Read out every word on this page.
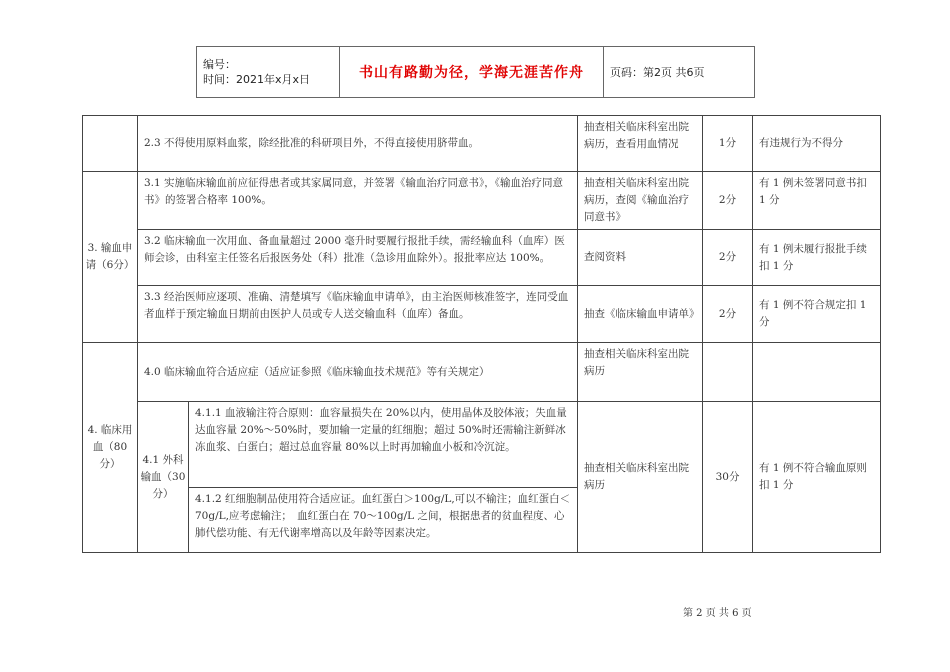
编号：
时间：2021年x月x日	书山有路勤为径，学海无涯苦作舟	页码：第2页 共6页
	2.3 不得使用原料血浆，除经批准的科研项目外，不得直接使用脐带血。		抽查相关临床科室出院病历，查看用血情况	1分	有违规行为不得分
3. 输血申请（6分）	3.1 实施临床输血前应征得患者或其家属同意，并签署《输血治疗同意书》，《输血治疗同意书》的签署合格率 100%。		抽查相关临床科室出院病历，查阅《输血治疗同意书》	2分	有 1 例未签署同意书扣 1 分
	3.2 临床输血一次用血、备血量超过 2000 毫升时要履行报批手续，需经输血科（血库）医师会诊，由科室主任签名后报医务处（科）批准（急诊用血除外）。报批率应达 100%。		查阅资料	2分	有 1 例未履行报批手续扣 1 分
	3.3 经治医师应逐项、准确、清楚填写《临床输血申请单》，由主治医师核准签字，连同受血者血样于预定输血日期前由医护人员或专人送交输血科（血库）备血。		抽查《临床输血申请单》	2分	有 1 例不符合规定扣 1 分
4. 临床用血（80分）	4.0 临床输血符合适应症（适应证参照《临床输血技术规范》等有关规定）		抽查相关临床科室出院病历		
	4.1 外科输血（30分）	4.1.1 血液输注符合原则：血容量损失在 20%以内，使用晶体及胶体液；失血量达血容量 20%～50%时，要加输一定量的红细胞；超过 50%时还需输注新鲜冰冻血浆、白蛋白；超过总血容量 80%以上时再加输血小板和冷沉淀。	抽查相关临床科室出院病历	30分	有 1 例不符合输血原则扣 1 分
		4.1.2 红细胞制品使用符合适应证。血红蛋白＞100g/L,可以不输注；血红蛋白＜70g/L,应考虑输注；　血红蛋白在 70～100g/L 之间，根据患者的贫血程度、心肺代偿功能、有无代谢率增高以及年龄等因素决定。			
第 2 页 共 6 页
